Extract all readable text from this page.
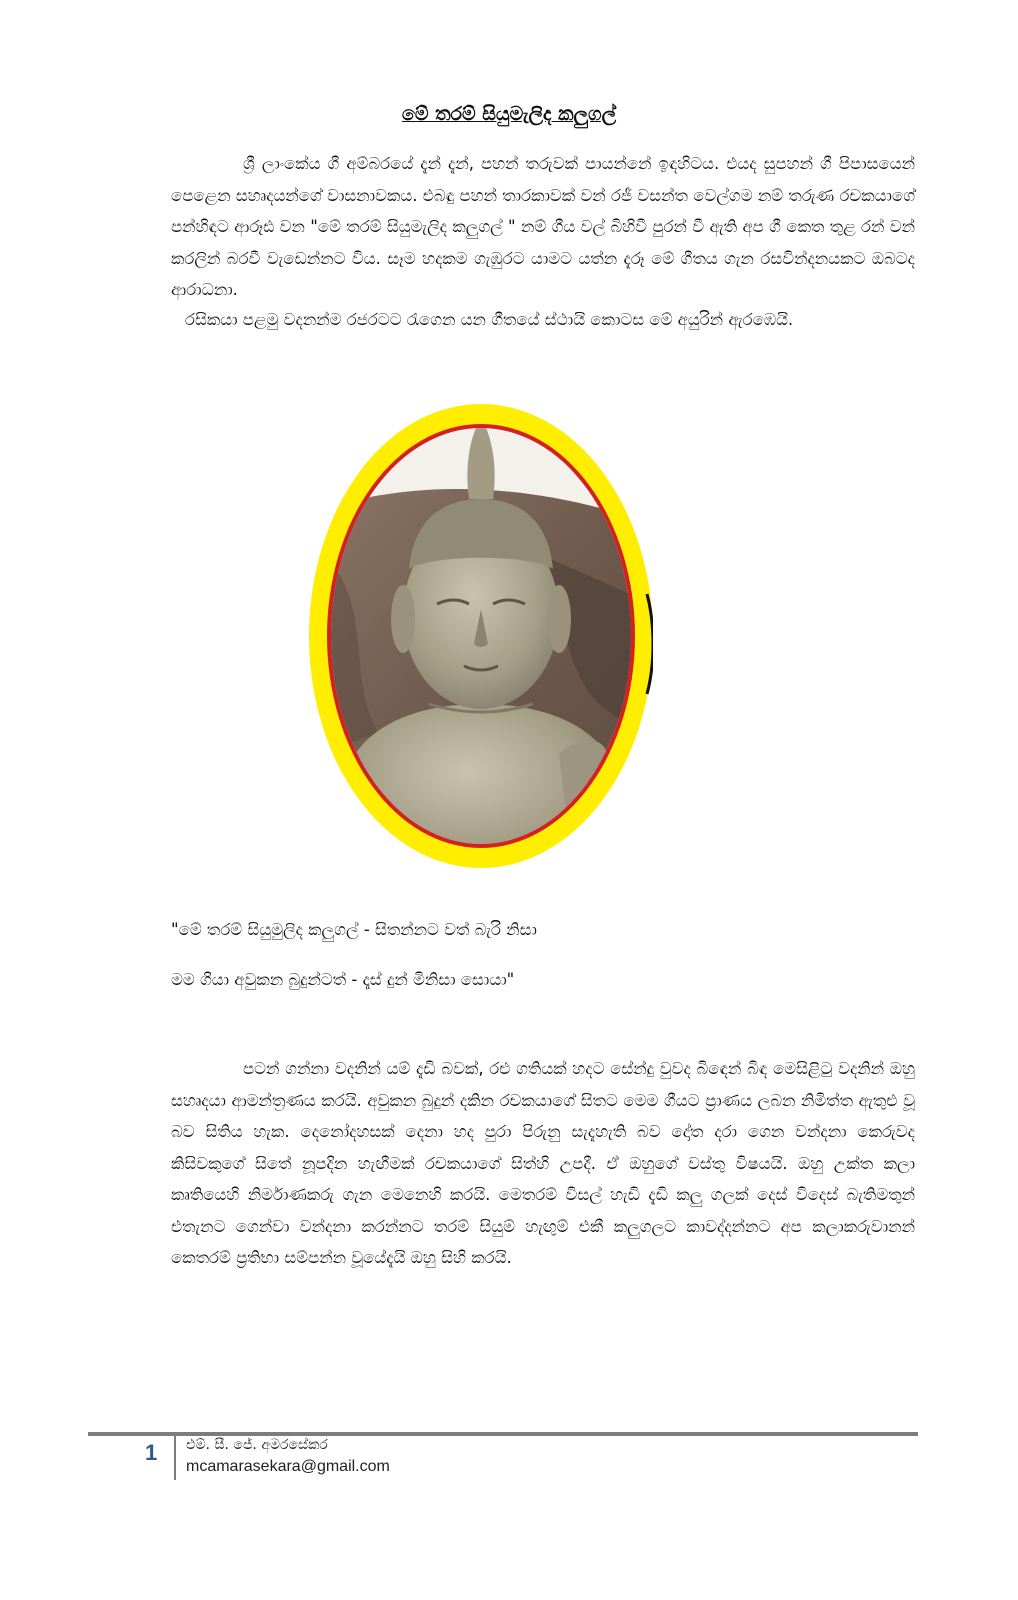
මේ තරම් සියුමැලිද කලුගල්

ශ්‍රී ලාංකේය ගී අම්බරයේ දැන් දැන්, පහන් තරුවක් පායන්නේ ඉඳහිටය. එයද සුපහන් ගී පිපාසයෙන් පෙළෙන සහෘදයන්ගේ වාසනාවකය. එබඳු පහන් තාරකාවක් වන් රජී වසන්ත වෙල්ගම නම් තරුණ රචකයාගේ පන්හිඳට ආරූඪ වන "මේ තරම් සියුමැලිද කලුගල් " නම් ගීය වල් බිහිවී පුරන් වී ඇති අප ගී කෙත තුළ රන් වන් කරලින් බරවී වැඩෙන්නට විය. සෑම හදකම ගැඹුරට යාමට යත්න දැරූ මේ ගීතය ගැන රසවින්දනයකට ඔබටද ආරාධනා.

රසිකයා පළමු වදනන්ම රජරටට රැගෙන යන ගීතයේ ස්ථායි කොටස මේ අයුරින් ඇරඹෙයි.

"මේ තරම් සියුමුලිද කලුගල් - සිතන්නට වත් බැරි නිසා

මම ගියා අවුකන බුදුන්ටත් - දෑස් දුන් මිනිසා සොයා"

පටන් ගන්නා වදනින් යම් දැඩි බවක්, රළු ගතියක් හදට සේන්දු වුවද බිඳෙන් බිඳ මෙසිළිටු වදනින් ඔහු සහෘදයා ආමන්ත්‍රණය කරයි. අවුකන බුදුන් දකින රචකයාගේ සිතට මෙම ගීයට ප්‍රාණය ලබන නිමිත්ත ඇතුළු වූ බව සිතිය හැක. දෙනෝදහසක් දෙනා හද පුරා පිරුනු සැදැහැති බව දෝත දරා ගෙන වන්දනා කෙරුවද කිසිවකුගේ සිතේ නූපදින හැඟීමක් රචකයාගේ සිත්හි උපදී. ඒ ඔහුගේ වස්තු විෂයයි. ඔහු උක්ත කලා කෘතියෙහි නිර්මාණකරු ගැන මෙනෙහි කරයි. මෙතරම් විසල් හැඩි දැඩි කලු ගලක් දෙස් විදෙස් බැතිමතුන් එතැනට ගෙන්වා වන්දනා කරන්නට තරම් සියුම් හැඟුම් එකී කලුගලට කාවද්දන්නට අප කලාකරුවානන් කෙතරම් ප්‍රතිභා සම්පන්න වූයේදැයි ඔහු සිහි කරයි.

1 එම්. සී. ජේ. අමරසේකර
mcamarasekara@gmail.com
